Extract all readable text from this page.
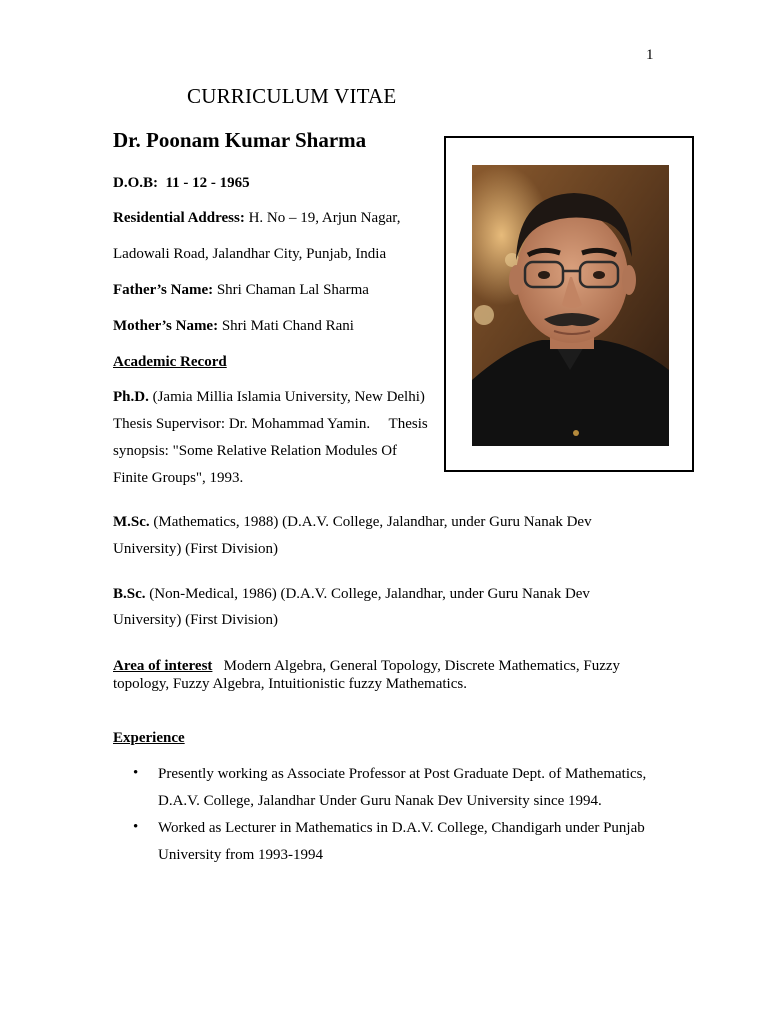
1
CURRICULUM VITAE
Dr. Poonam Kumar Sharma
D.O.B: 11 - 12 - 1965
Residential Address: H. No – 19, Arjun Nagar,
Ladowali Road, Jalandhar City, Punjab, India
Father’s Name: Shri Chaman Lal Sharma
Mother’s Name: Shri Mati Chand Rani
Academic Record
Ph.D. (Jamia Millia Islamia University, New Delhi)
Thesis Supervisor: Dr. Mohammad Yamin.     Thesis
synopsis: "Some Relative Relation Modules Of
Finite Groups", 1993.
M.Sc. (Mathematics, 1988) (D.A.V. College, Jalandhar, under Guru Nanak Dev
University) (First Division)
B.Sc. (Non-Medical, 1986) (D.A.V. College, Jalandhar, under Guru Nanak Dev
University) (First Division)
Area of interest Modern Algebra, General Topology, Discrete Mathematics, Fuzzy
topology, Fuzzy Algebra, Intuitionistic fuzzy Mathematics.
Experience
• Presently working as Associate Professor at Post Graduate Dept. of Mathematics,
D.A.V. College, Jalandhar Under Guru Nanak Dev University since 1994.
• Worked as Lecturer in Mathematics in D.A.V. College, Chandigarh under Punjab
University from 1993-1994
